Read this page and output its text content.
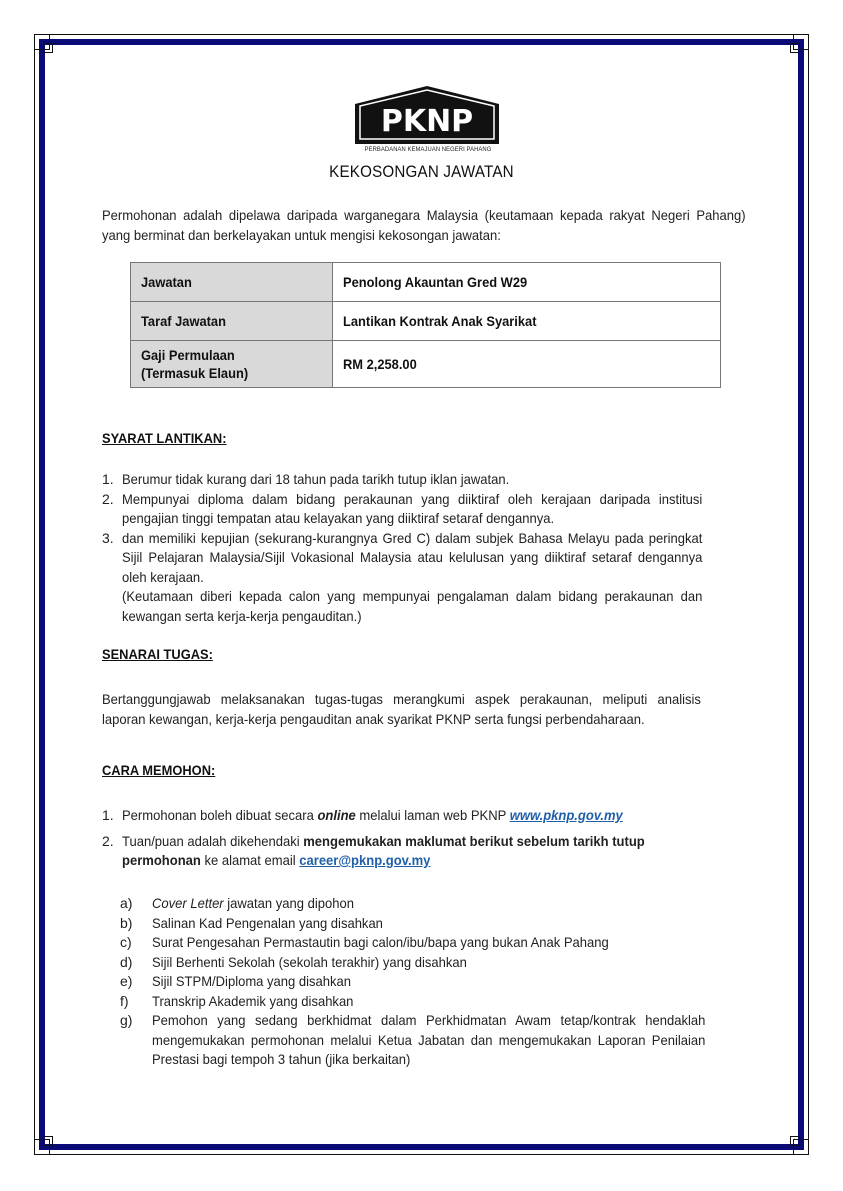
PKNP
PERBADANAN KEMAJUAN NEGERI PAHANG
KEKOSONGAN JAWATAN
Permohonan adalah dipelawa daripada warganegara Malaysia (keutamaan kepada rakyat Negeri Pahang) yang berminat dan berkelayakan untuk mengisi kekosongan jawatan:
Jawatan	Penolong Akauntan Gred W29
Taraf Jawatan	Lantikan Kontrak Anak Syarikat
Gaji Permulaan
(Termasuk Elaun)	RM 2,258.00
SYARAT LANTIKAN:
1. Berumur tidak kurang dari 18 tahun pada tarikh tutup iklan jawatan.
2. Mempunyai diploma dalam bidang perakaunan yang diiktiraf oleh kerajaan daripada institusi pengajian tinggi tempatan atau kelayakan yang diiktiraf setaraf dengannya.
3. dan memiliki kepujian (sekurang-kurangnya Gred C) dalam subjek Bahasa Melayu pada peringkat Sijil Pelajaran Malaysia/Sijil Vokasional Malaysia atau kelulusan yang diiktiraf setaraf dengannya oleh kerajaan.
(Keutamaan diberi kepada calon yang mempunyai pengalaman dalam bidang perakaunan dan kewangan serta kerja-kerja pengauditan.)
SENARAI TUGAS:
Bertanggungjawab melaksanakan tugas-tugas merangkumi aspek perakaunan, meliputi analisis laporan kewangan, kerja-kerja pengauditan anak syarikat PKNP serta fungsi perbendaharaan.
CARA MEMOHON:
1. Permohonan boleh dibuat secara online melalui laman web PKNP www.pknp.gov.my
2. Tuan/puan adalah dikehendaki mengemukakan maklumat berikut sebelum tarikh tutup
permohonan ke alamat email career@pknp.gov.my
a) Cover Letter jawatan yang dipohon
b) Salinan Kad Pengenalan yang disahkan
c) Surat Pengesahan Permastautin bagi calon/ibu/bapa yang bukan Anak Pahang
d) Sijil Berhenti Sekolah (sekolah terakhir) yang disahkan
e) Sijil STPM/Diploma yang disahkan
f) Transkrip Akademik yang disahkan
g) Pemohon yang sedang berkhidmat dalam Perkhidmatan Awam tetap/kontrak hendaklah mengemukakan permohonan melalui Ketua Jabatan dan mengemukakan Laporan Penilaian Prestasi bagi tempoh 3 tahun (jika berkaitan)
